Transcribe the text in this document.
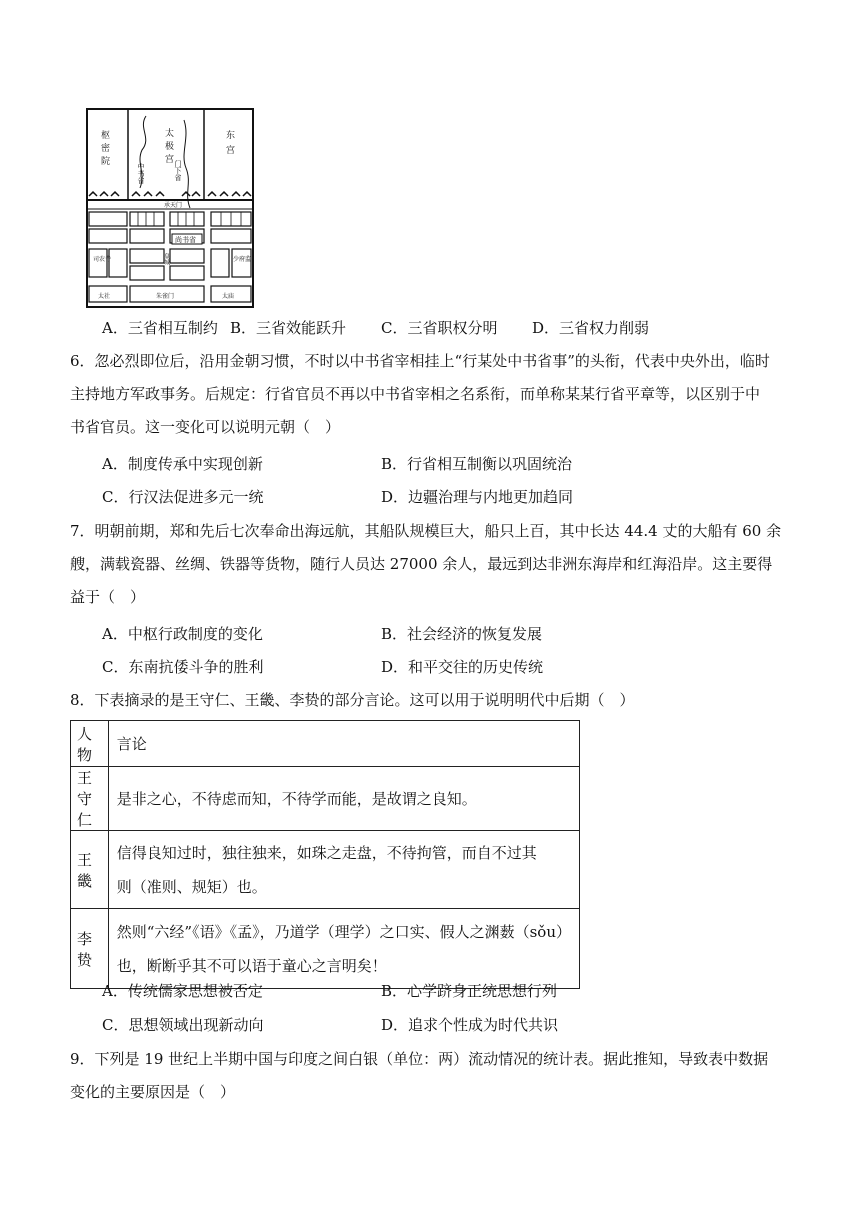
枢密院	太极宫	东宫
中书省	门下省
承天门
尚书省
皇城
司农寺	少府监
太社	朱雀门	太庙
A．三省相互制约 B．三省效能跃升 C．三省职权分明 D．三省权力削弱
6．忽必烈即位后，沿用金朝习惯，不时以中书省宰相挂上“行某处中书省事”的头衔，代表中央外出，临时
主持地方军政事务。后规定：行省官员不再以中书省宰相之名系衔，而单称某某行省平章等，以区别于中
书省官员。这一变化可以说明元朝（　）
A．制度传承中实现创新	B．行省相互制衡以巩固统治
C．行汉法促进多元一统	D．边疆治理与内地更加趋同
7．明朝前期，郑和先后七次奉命出海远航，其船队规模巨大，船只上百，其中长达 44.4 丈的大船有 60 余
艘，满载瓷器、丝绸、铁器等货物，随行人员达 27000 余人，最远到达非洲东海岸和红海沿岸。这主要得
益于（　）
A．中枢行政制度的变化	B．社会经济的恢复发展
C．东南抗倭斗争的胜利	D．和平交往的历史传统
8．下表摘录的是王守仁、王畿、李贽的部分言论。这可以用于说明明代中后期（　）
人物	言论
王守仁	是非之心，不待虑而知，不待学而能，是故谓之良知。

王畿	信得良知过时，独往独来，如珠之走盘，不待拘管，而自不过其
则（准则、规矩）也。

李贽	然则“六经”《语》《孟》，乃道学（理学）之口实、假人之渊薮（sǒu）
也，断断乎其不可以语于童心之言明矣！
A．传统儒家思想被否定	B．心学跻身正统思想行列
C．思想领域出现新动向	D．追求个性成为时代共识
9．下列是 19 世纪上半期中国与印度之间白银（单位：两）流动情况的统计表。据此推知，导致表中数据
变化的主要原因是（　）
